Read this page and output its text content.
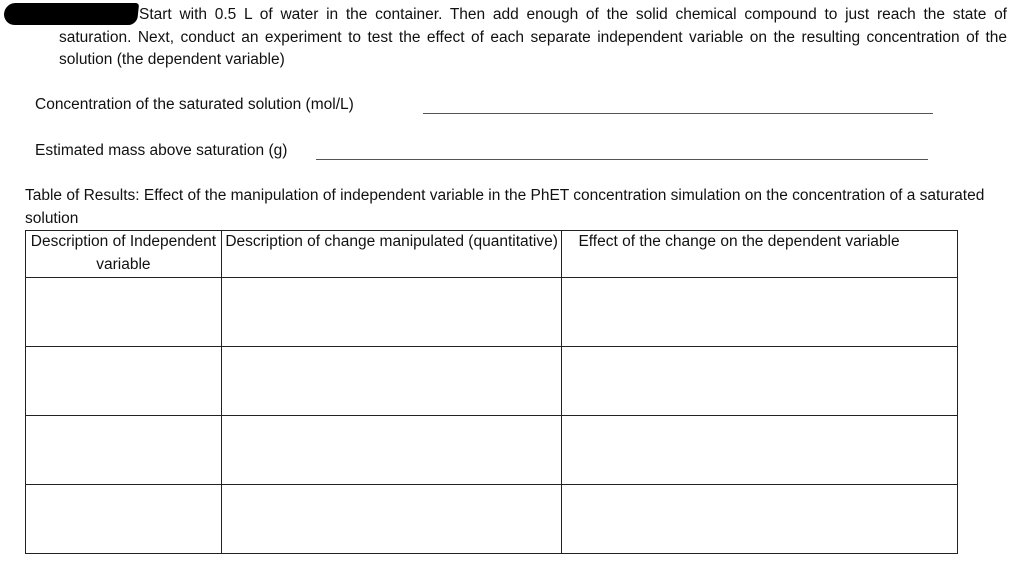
Start with 0.5 L of water in the container. Then add enough of the solid chemical compound to just reach the state of saturation. Next, conduct an experiment to test the effect of each separate independent variable on the resulting concentration of the solution (the dependent variable)
Concentration of the saturated solution (mol/L)
Estimated mass above saturation (g)
Table of Results: Effect of the manipulation of independent variable in the PhET concentration simulation on the concentration of a saturated solution
Description of Independent variable	Description of change manipulated (quantitative)	Effect of the change on the dependent variable
